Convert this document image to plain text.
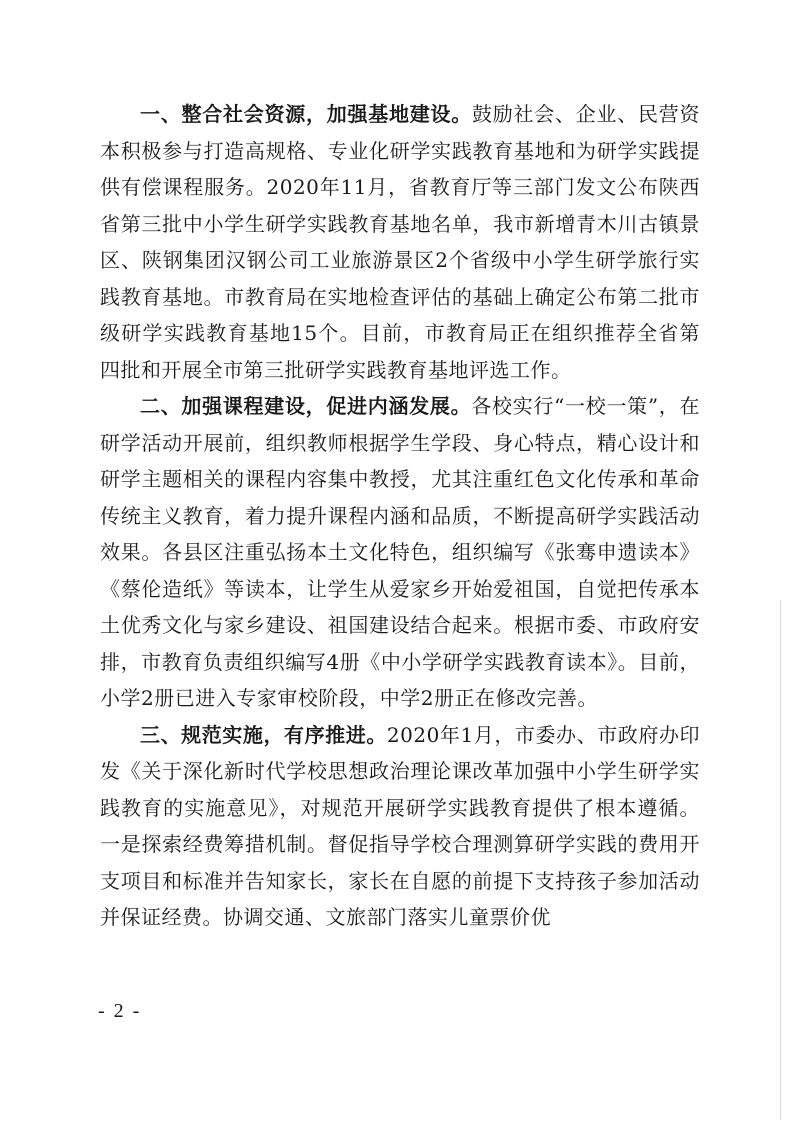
一、整合社会资源，加强基地建设。鼓励社会、企业、民营资本积极参与打造高规格、专业化研学实践教育基地和为研学实践提供有偿课程服务。2020年11月，省教育厅等三部门发文公布陕西省第三批中小学生研学实践教育基地名单，我市新增青木川古镇景区、陕钢集团汉钢公司工业旅游景区2个省级中小学生研学旅行实践教育基地。市教育局在实地检查评估的基础上确定公布第二批市级研学实践教育基地15个。目前，市教育局正在组织推荐全省第四批和开展全市第三批研学实践教育基地评选工作。

二、加强课程建设，促进内涵发展。各校实行“一校一策”，在研学活动开展前，组织教师根据学生学段、身心特点，精心设计和研学主题相关的课程内容集中教授，尤其注重红色文化传承和革命传统主义教育，着力提升课程内涵和品质，不断提高研学实践活动效果。各县区注重弘扬本土文化特色，组织编写《张骞申遗读本》《蔡伦造纸》等读本，让学生从爱家乡开始爱祖国，自觉把传承本土优秀文化与家乡建设、祖国建设结合起来。根据市委、市政府安排，市教育负责组织编写4册《中小学研学实践教育读本》。目前，小学2册已进入专家审校阶段，中学2册正在修改完善。

三、规范实施，有序推进。2020年1月，市委办、市政府办印发《关于深化新时代学校思想政治理论课改革加强中小学生研学实践教育的实施意见》，对规范开展研学实践教育提供了根本遵循。一是探索经费筹措机制。督促指导学校合理测算研学实践的费用开支项目和标准并告知家长，家长在自愿的前提下支持孩子参加活动并保证经费。协调交通、文旅部门落实儿童票价优

- 2 -
